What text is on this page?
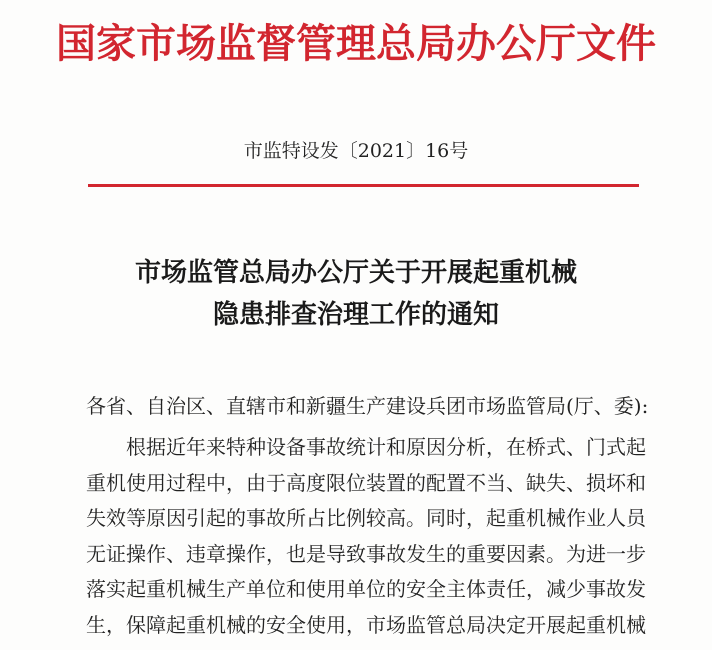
国家市场监督管理总局办公厅文件
市监特设发〔2021〕16号
市场监管总局办公厅关于开展起重机械
隐患排查治理工作的通知
各省、自治区、直辖市和新疆生产建设兵团市场监管局(厅、委):
根据近年来特种设备事故统计和原因分析，在桥式、门式起
重机使用过程中，由于高度限位装置的配置不当、缺失、损坏和
失效等原因引起的事故所占比例较高。同时，起重机械作业人员
无证操作、违章操作，也是导致事故发生的重要因素。为进一步
落实起重机械生产单位和使用单位的安全主体责任，减少事故发
生，保障起重机械的安全使用，市场监管总局决定开展起重机械
